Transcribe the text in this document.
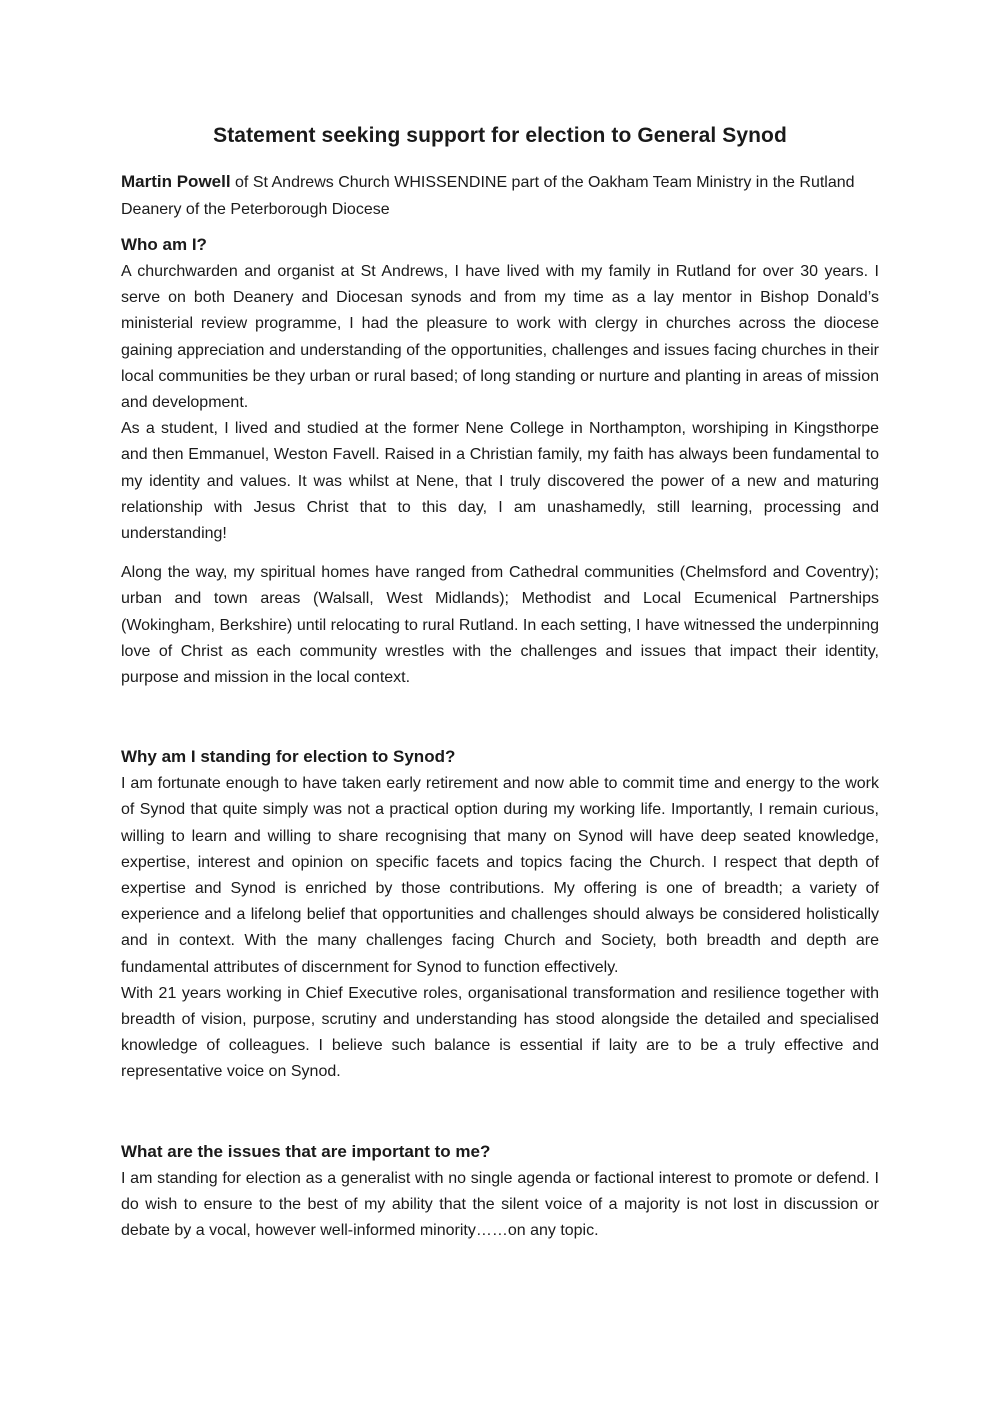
Statement seeking support for election to General Synod

Martin Powell of St Andrews Church WHISSENDINE part of the Oakham Team Ministry in the Rutland Deanery of the Peterborough Diocese

Who am I?

A churchwarden and organist at St Andrews, I have lived with my family in Rutland for over 30 years. I serve on both Deanery and Diocesan synods and from my time as a lay mentor in Bishop Donald’s ministerial review programme, I had the pleasure to work with clergy in churches across the diocese gaining appreciation and understanding of the opportunities, challenges and issues facing churches in their local communities be they urban or rural based; of long standing or nurture and planting in areas of mission and development.

As a student, I lived and studied at the former Nene College in Northampton, worshiping in Kingsthorpe and then Emmanuel, Weston Favell. Raised in a Christian family, my faith has always been fundamental to my identity and values. It was whilst at Nene, that I truly discovered the power of a new and maturing relationship with Jesus Christ that to this day, I am unashamedly, still learning, processing and understanding!

Along the way, my spiritual homes have ranged from Cathedral communities (Chelmsford and Coventry); urban and town areas (Walsall, West Midlands); Methodist and Local Ecumenical Partnerships (Wokingham, Berkshire) until relocating to rural Rutland. In each setting, I have witnessed the underpinning love of Christ as each community wrestles with the challenges and issues that impact their identity, purpose and mission in the local context.

Why am I standing for election to Synod?

I am fortunate enough to have taken early retirement and now able to commit time and energy to the work of Synod that quite simply was not a practical option during my working life. Importantly, I remain curious, willing to learn and willing to share recognising that many on Synod will have deep seated knowledge, expertise, interest and opinion on specific facets and topics facing the Church. I respect that depth of expertise and Synod is enriched by those contributions. My offering is one of breadth; a variety of experience and a lifelong belief that opportunities and challenges should always be considered holistically and in context. With the many challenges facing Church and Society, both breadth and depth are fundamental attributes of discernment for Synod to function effectively.

With 21 years working in Chief Executive roles, organisational transformation and resilience together with breadth of vision, purpose, scrutiny and understanding has stood alongside the detailed and specialised knowledge of colleagues. I believe such balance is essential if laity are to be a truly effective and representative voice on Synod.

What are the issues that are important to me?

I am standing for election as a generalist with no single agenda or factional interest to promote or defend. I do wish to ensure to the best of my ability that the silent voice of a majority is not lost in discussion or debate by a vocal, however well-informed minority……on any topic.
